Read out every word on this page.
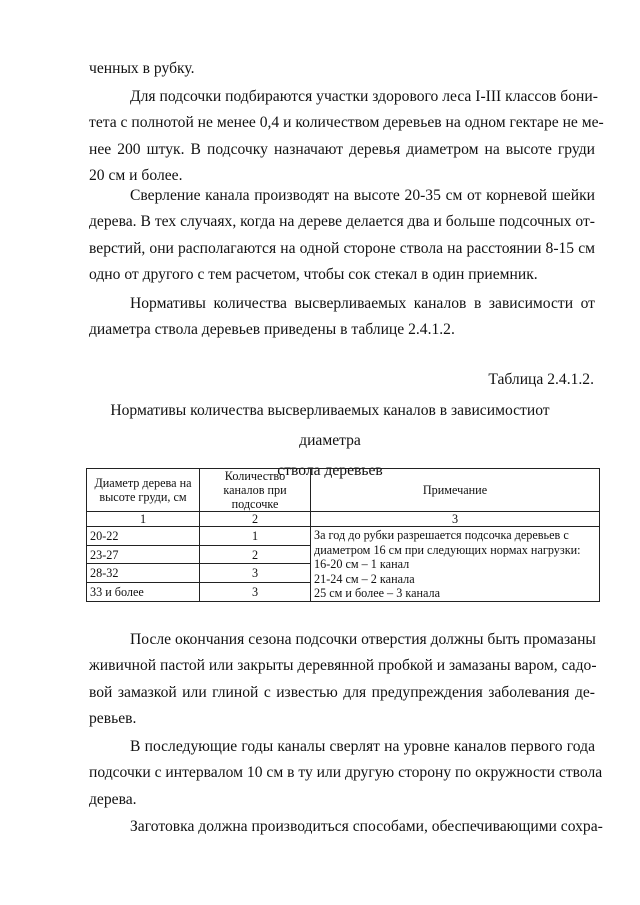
ченных в рубку.
Для подсочки подбираются участки здорового леса I-III классов бони-
тета с полнотой не менее 0,4 и количеством деревьев на одном гектаре не ме-
нее 200 штук. В подсочку назначают деревья диаметром на высоте груди
20 см и более.
Сверление канала производят на высоте 20-35 см от корневой шейки
дерева. В тех случаях, когда на дереве делается два и больше подсочных от-
верстий, они располагаются на одной стороне ствола на расстоянии 8-15 см
одно от другого с тем расчетом, чтобы сок стекал в один приемник.
Нормативы количества высверливаемых каналов в зависимости от
диаметра ствола деревьев приведены в таблице 2.4.1.2.
Таблица 2.4.1.2.
Нормативы количества высверливаемых каналов в зависимостиот диаметра
ствола деревьев
Диаметр дерева на высоте груди, см	Количество каналов при подсочке	Примечание
1	2	3
20-22	1	За год до рубки разрешается подсочка деревьев с
диаметром 16 см при следующих нормах нагрузки:
16-20 см – 1 канал
21-24 см – 2 канала
25 см и более – 3 канала

23-27	2	
28-32	3	
33 и более	3	
После окончания сезона подсочки отверстия должны быть промазаны
живичной пастой или закрыты деревянной пробкой и замазаны варом, садо-
вой замазкой или глиной с известью для предупреждения заболевания де-
ревьев.
В последующие годы каналы сверлят на уровне каналов первого года
подсочки с интервалом 10 см в ту или другую сторону по окружности ствола
дерева.
Заготовка должна производиться способами, обеспечивающими сохра-
